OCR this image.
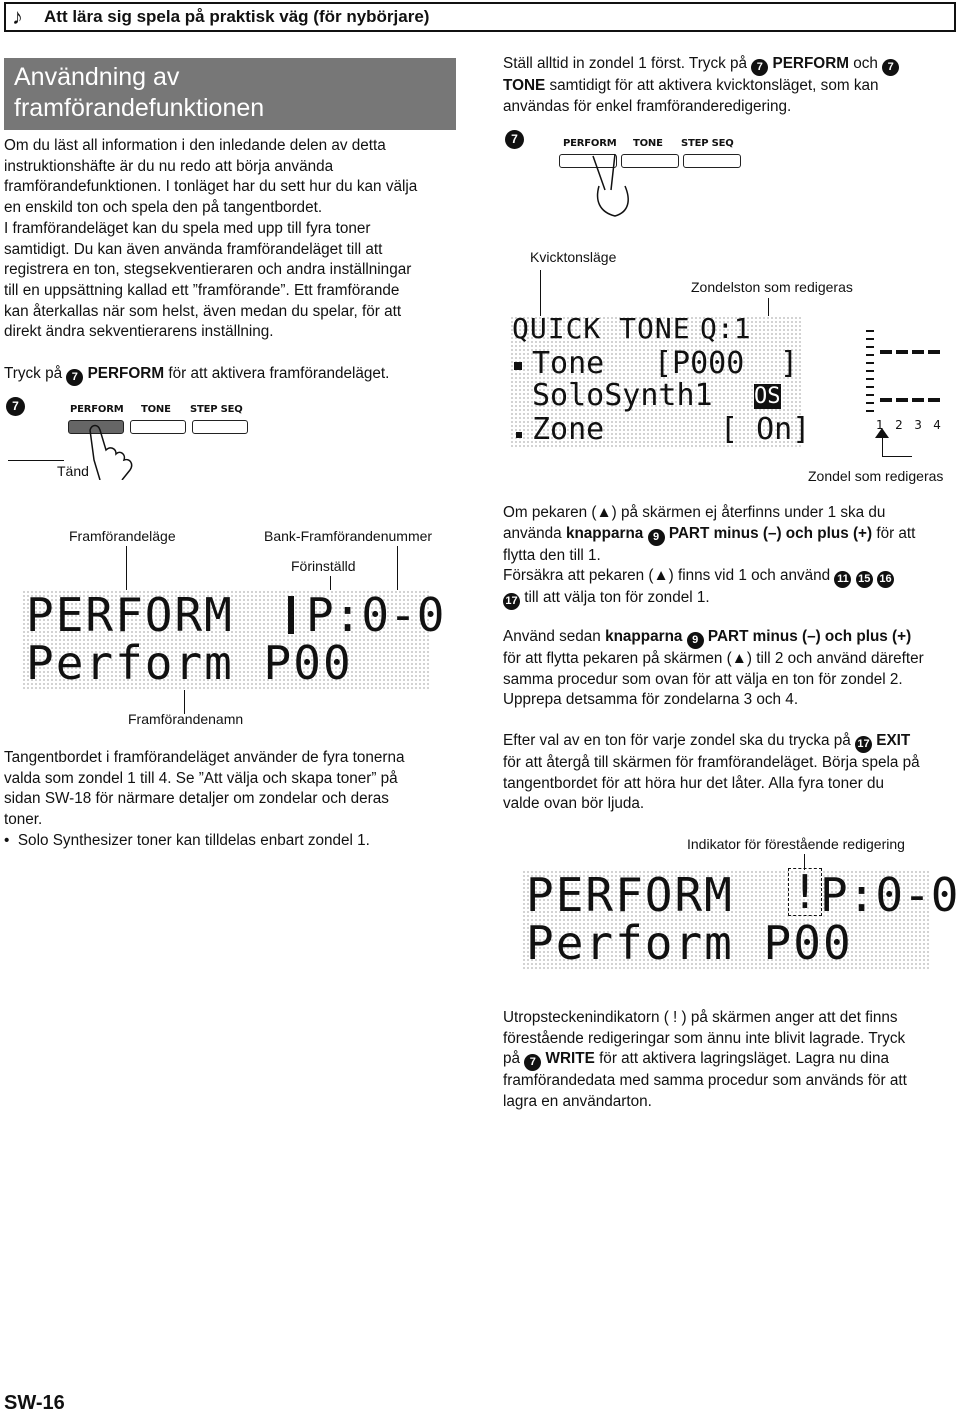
♪ Att lära sig spela på praktisk väg (för nybörjare)
Användning av
framförandefunktionen
Om du läst all information i den inledande delen av detta
instruktionshäfte är du nu redo att börja använda
framförandefunktionen. I tonläget har du sett hur du kan välja
en enskild ton och spela den på tangentbordet.
I framförandeläget kan du spela med upp till fyra toner
samtidigt. Du kan även använda framförandeläget till att
registrera en ton, stegsekventieraren och andra inställningar
till en uppsättning kallad ett ”framförande”. Ett framförande
kan återkallas när som helst, även medan du spelar, för att
direkt ändra sekventierarens inställning.
Tryck på 7 PERFORM för att aktivera framförandeläget.
7	PERFORM TONE STEP SEQ
Tänd
Framförandeläge	Bank-Framförandenummer
Förinställd
PERFORM P:0-0
Perform P00
Framförandenamn
Tangentbordet i framförandeläget använder de fyra tonerna
valda som zondel 1 till 4. Se ”Att välja och skapa toner” på
sidan SW-18 för närmare detaljer om zondelar och deras
toner.
•  Solo Synthesizer toner kan tilldelas enbart zondel 1.
Ställ alltid in zondel 1 först. Tryck på 7 PERFORM och 7
TONE samtidigt för att aktivera kvicktonsläget, som kan
användas för enkel framföranderedigering.
7	PERFORM TONE STEP SEQ
Kvicktonsläge
Zondelston som redigeras
QUICK TONE Q:1
Tone [P000 ]
SoloSynth1 OS
Zone	[ On]	1 2 3 4
Zondel som redigeras
Om pekaren (▲) på skärmen ej återfinns under 1 ska du
använda knapparna 9 PART minus (–) och plus (+) för att
flytta den till 1.
Försäkra att pekaren (▲) finns vid 1 och använd 11 15 16
17 till att välja ton för zondel 1.
Använd sedan knapparna 9 PART minus (–) och plus (+)
för att flytta pekaren på skärmen (▲) till 2 och använd därefter
samma procedur som ovan för att välja en ton för zondel 2.
Upprepa detsamma för zondelarna 3 och 4.
Efter val av en ton för varje zondel ska du trycka på 17 EXIT
för att återgå till skärmen för framförandeläget. Börja spela på
tangentbordet för att höra hur det låter. Alla fyra toner du
valde ovan bör ljuda.
Indikator för förestående redigering
PERFORM ! P:0-0
Perform P00
Utropsteckenindikatorn ( ! ) på skärmen anger att det finns
förestående redigeringar som ännu inte blivit lagrade. Tryck
på 7 WRITE för att aktivera lagringsläget. Lagra nu dina
framförandedata med samma procedur som används för att
lagra en användarton.
SW-16
